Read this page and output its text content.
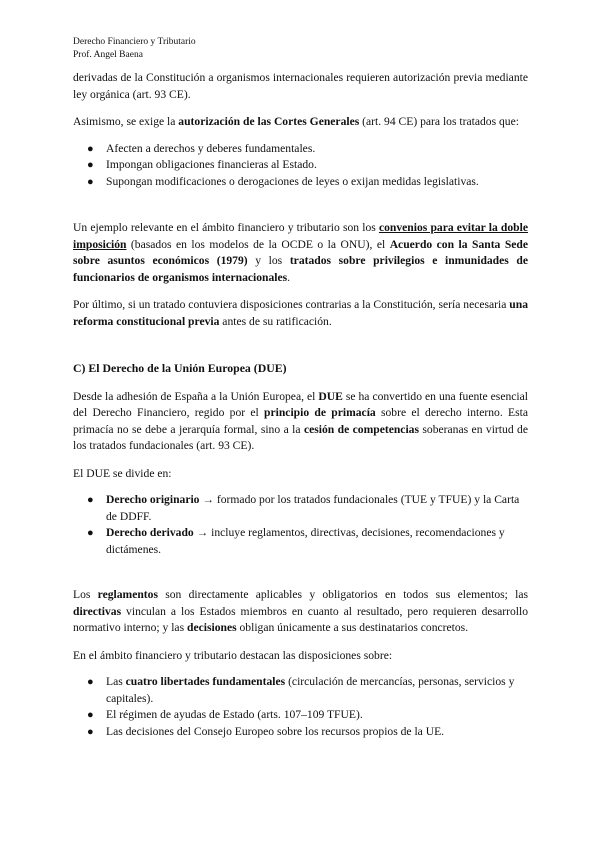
Derecho Financiero y Tributario
Prof. Angel Baena

derivadas de la Constitución a organismos internacionales requieren autorización previa mediante ley orgánica (art. 93 CE).

Asimismo, se exige la autorización de las Cortes Generales (art. 94 CE) para los tratados que:

● Afecten a derechos y deberes fundamentales.
● Impongan obligaciones financieras al Estado.
● Supongan modificaciones o derogaciones de leyes o exijan medidas legislativas.

Un ejemplo relevante en el ámbito financiero y tributario son los convenios para evitar la doble imposición (basados en los modelos de la OCDE o la ONU), el Acuerdo con la Santa Sede sobre asuntos económicos (1979) y los tratados sobre privilegios e inmunidades de funcionarios de organismos internacionales.

Por último, si un tratado contuviera disposiciones contrarias a la Constitución, sería necesaria una reforma constitucional previa antes de su ratificación.

C) El Derecho de la Unión Europea (DUE)

Desde la adhesión de España a la Unión Europea, el DUE se ha convertido en una fuente esencial del Derecho Financiero, regido por el principio de primacía sobre el derecho interno. Esta primacía no se debe a jerarquía formal, sino a la cesión de competencias soberanas en virtud de los tratados fundacionales (art. 93 CE).

El DUE se divide en:

● Derecho originario → formado por los tratados fundacionales (TUE y TFUE) y la Carta de DDFF.
● Derecho derivado → incluye reglamentos, directivas, decisiones, recomendaciones y dictámenes.

Los reglamentos son directamente aplicables y obligatorios en todos sus elementos; las directivas vinculan a los Estados miembros en cuanto al resultado, pero requieren desarrollo normativo interno; y las decisiones obligan únicamente a sus destinatarios concretos.

En el ámbito financiero y tributario destacan las disposiciones sobre:

● Las cuatro libertades fundamentales (circulación de mercancías, personas, servicios y capitales).
● El régimen de ayudas de Estado (arts. 107–109 TFUE).
● Las decisiones del Consejo Europeo sobre los recursos propios de la UE.
